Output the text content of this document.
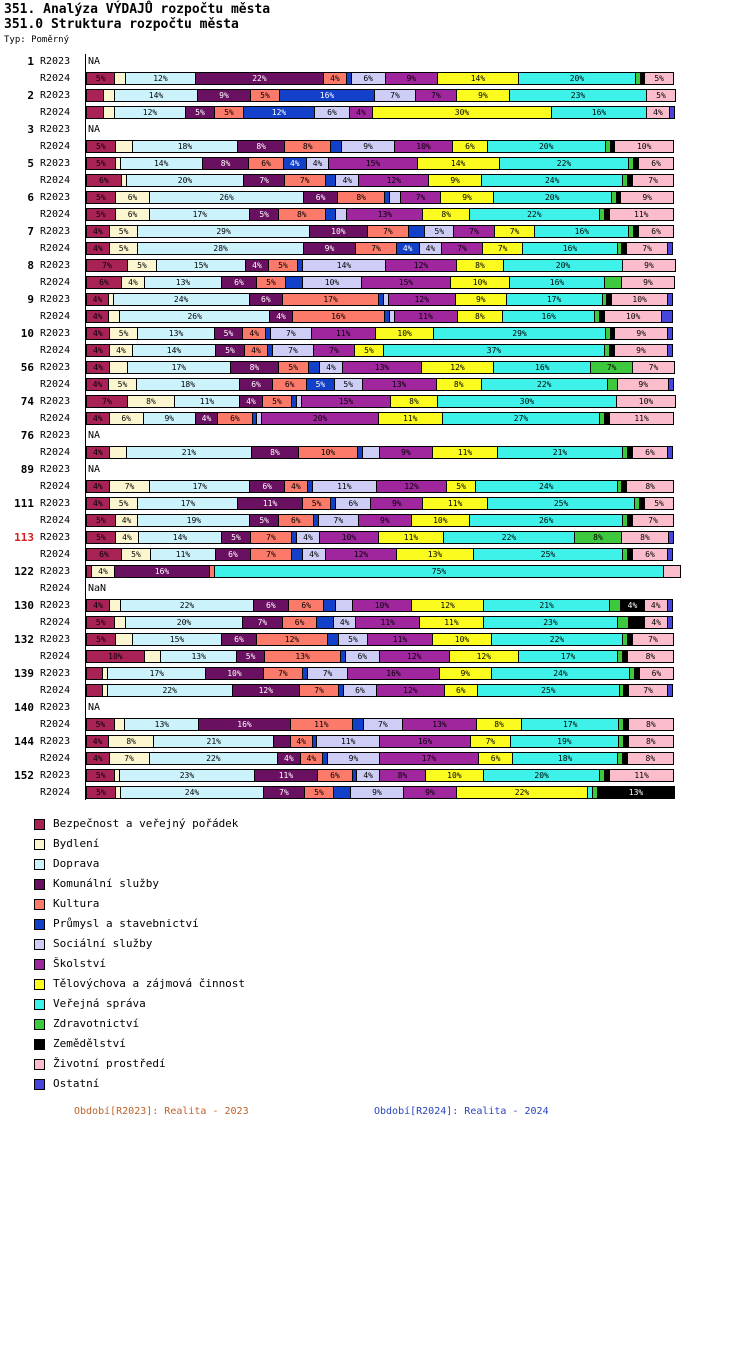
351. Analýza VÝDAJŮ rozpočtu města
351.0 Struktura rozpočtu města
Typ: Poměrný
1 R2023	NA
R2024	5%	12%	22%	4%	6%	9%	14%	20%	5%
2 R2023	14%	9%	5%	16%	7%	7%	9%	23%	5%
R2024	12%	5% 5%	12%	6% 4%	30%	16%	4%
3 R2023	NA
R2024	5%	18%	8%	8%	9%	10%	6%	20%	10%
5 R2023	5%	14%	8%	6% 4% 4%	15%	14%	22%	6%
R2024	6%	20%	7%	7%	4%	12%	9%	24%	7%
6 R2023	5%	6%	26%	6%	8%	7%	9%	20%	9%
R2024	5%	6%	17%	5%	8%	13%	8%	22%	11%
7 R2023	4% 5%	29%	10%	7%	5%	7%	7%	16%	6%
R2024	4% 5%	28%	9%	7%	4% 4%	7%	7%	16%	7%
8 R2023	7%	5%	15%	4% 5%	14%	12%	8%	20%	9%
R2024	6% 4%	13%	6%	5%	10%	15%	10%	16%	9%
9 R2023	4%	24%	6%	17%	12%	9%	17%	10%
R2024	4%	26%	4%	16%	11%	8%	16%	10%
10 R2023	4% 5%	13%	5% 4%	7%	11%	10%	29%	9%
R2024	4% 4%	14%	5% 4%	7%	7%	5%	37%	9%
56 R2023	4%	17%	8%	5%	4%	13%	12%	16%	7%	7%
R2024	4% 5%	18%	6%	6%	5% 5%	13%	8%	22%	9%
74 R2023	7%	8%	11%	4% 5%	15%	8%	30%	10%
R2024	4% 6%	9%	4% 6%	20%	11%	27%	11%
76 R2023	NA
R2024	4%	21%	8%	10%	9%	11%	21%	6%
89 R2023	NA
R2024	4%	7%	17%	6% 4%	11%	12%	5%	24%	8%
111 R2023	4% 5%	17%	11%	5%	6%	9%	11%	25%	5%
R2024	5% 4%	19%	5%	6%	7%	9%	10%	26%	7%
113 R2023	5% 4%	14%	5%	7%	4%	10%	11%	22%	8%	8%
R2024	6%	5%	11%	6%	7%	4%	12%	13%	25%	6%
122 R2023	4%	16%	75%
R2024	NaN
130 R2023	4%	22%	6%	6%	10%	12%	21%	4% 4%
R2024	5%	20%	7%	6%	4%	11%	11%	23%	4%
132 R2023	5%	15%	6%	12%	5%	11%	10%	22%	7%
R2024	10%	13%	5%	13%	6%	12%	12%	17%	8%
139 R2023	17%	10%	7%	7%	16%	9%	24%	6%
R2024	22%	12%	7%	6%	12%	6%	25%	7%
140 R2023	NA
R2024	5%	13%	16%	11%	7%	13%	8%	17%	8%
144 R2023	4%	8%	21%	4%	11%	16%	7%	19%	8%
R2024	4%	7%	22%	4% 4%	9%	17%	6%	18%	8%
152 R2023	5%	23%	11%	6%	4%	8%	10%	20%	11%
R2024	5%	24%	7%	5%	9%	9%	22%	13%
Bezpečnost a veřejný pořádek
Bydlení
Doprava
Komunální služby
Kultura
Průmysl a stavebnictví
Sociální služby
Školství
Tělovýchova a zájmová činnost
Veřejná správa
Zdravotnictví
Zemědělství
Životní prostředí
Ostatní
Období[R2023]: Realita - 2023	Období[R2024]: Realita - 2024
